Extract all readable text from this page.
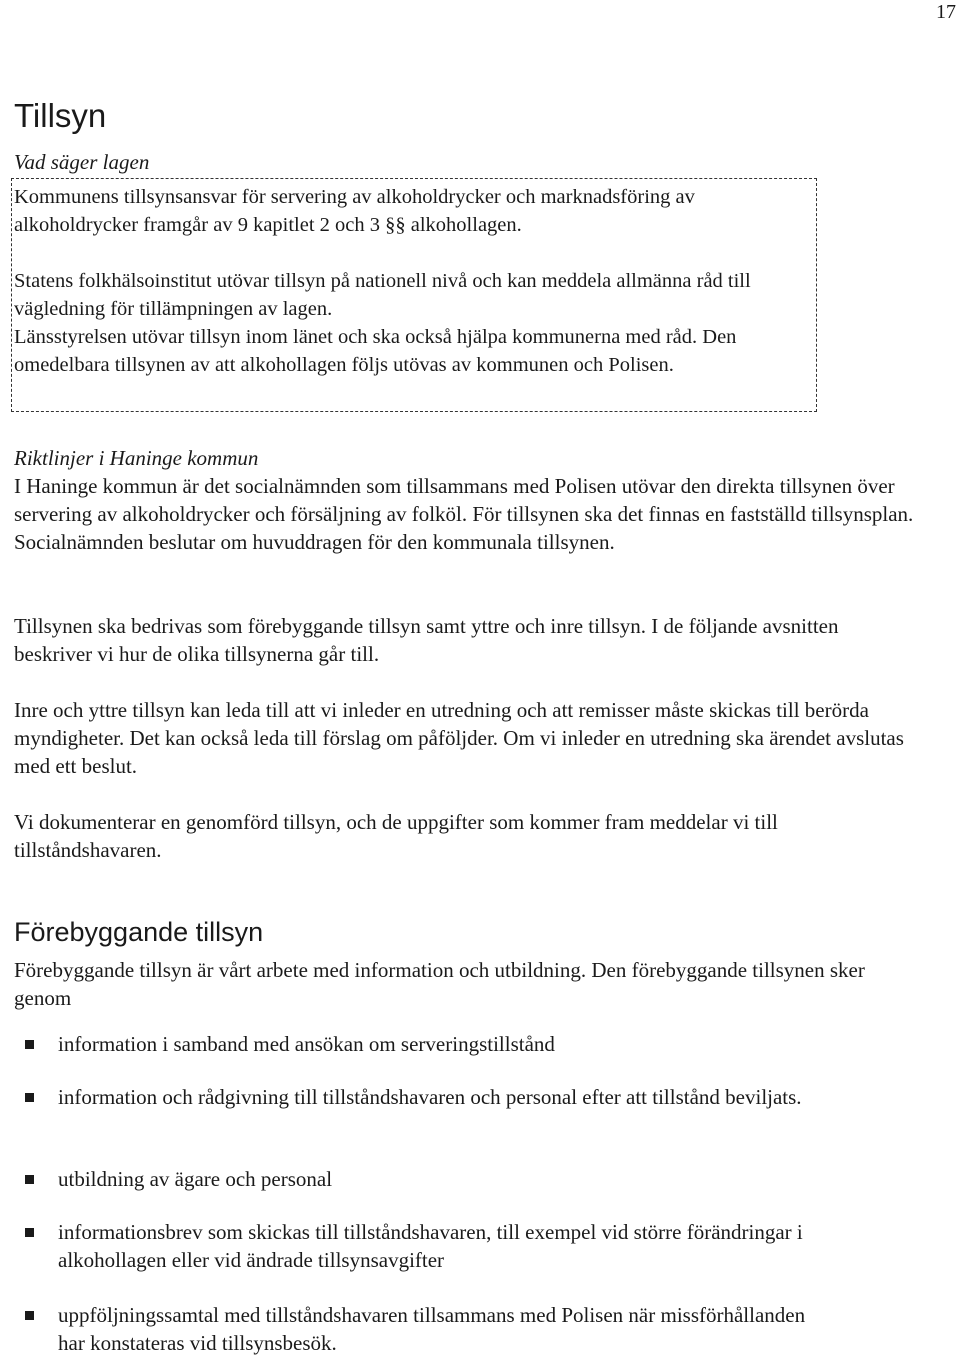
17
Tillsyn
Vad säger lagen

Kommunens tillsynsansvar för servering av alkoholdrycker och marknadsföring av alkoholdrycker framgår av 9 kapitlet 2 och 3 §§ alkohollagen.

Statens folkhälsoinstitut utövar tillsyn på nationell nivå och kan meddela allmänna råd till vägledning för tillämpningen av lagen.

Länsstyrelsen utövar tillsyn inom länet och ska också hjälpa kommunerna med råd. Den omedelbara tillsynen av att alkohollagen följs utövas av kommunen och Polisen.

Riktlinjer i Haninge kommun

I Haninge kommun är det socialnämnden som tillsammans med Polisen utövar den direkta tillsynen över servering av alkoholdrycker och försäljning av folköl. För tillsynen ska det finnas en fastställd tillsynsplan. Socialnämnden beslutar om huvuddragen för den kommunala tillsynen.

Tillsynen ska bedrivas som förebyggande tillsyn samt yttre och inre tillsyn. I de följande avsnitten beskriver vi hur de olika tillsynerna går till.

Inre och yttre tillsyn kan leda till att vi inleder en utredning och att remisser måste skickas till berörda myndigheter. Det kan också leda till förslag om påföljder. Om vi inleder en utredning ska ärendet avslutas med ett beslut.

Vi dokumenterar en genomförd tillsyn, och de uppgifter som kommer fram meddelar vi till tillståndshavaren.

Förebyggande tillsyn

Förebyggande tillsyn är vårt arbete med information och utbildning. Den förebyggande tillsynen sker genom

information i samband med ansökan om serveringstillstånd
information och rådgivning till tillståndshavaren och personal efter att tillstånd beviljats.
utbildning av ägare och personal
informationsbrev som skickas till tillståndshavaren, till exempel vid större förändringar i alkohollagen eller vid ändrade tillsynsavgifter
uppföljningssamtal med tillståndshavaren tillsammans med Polisen när missförhållanden har konstateras vid tillsynsbesök.
